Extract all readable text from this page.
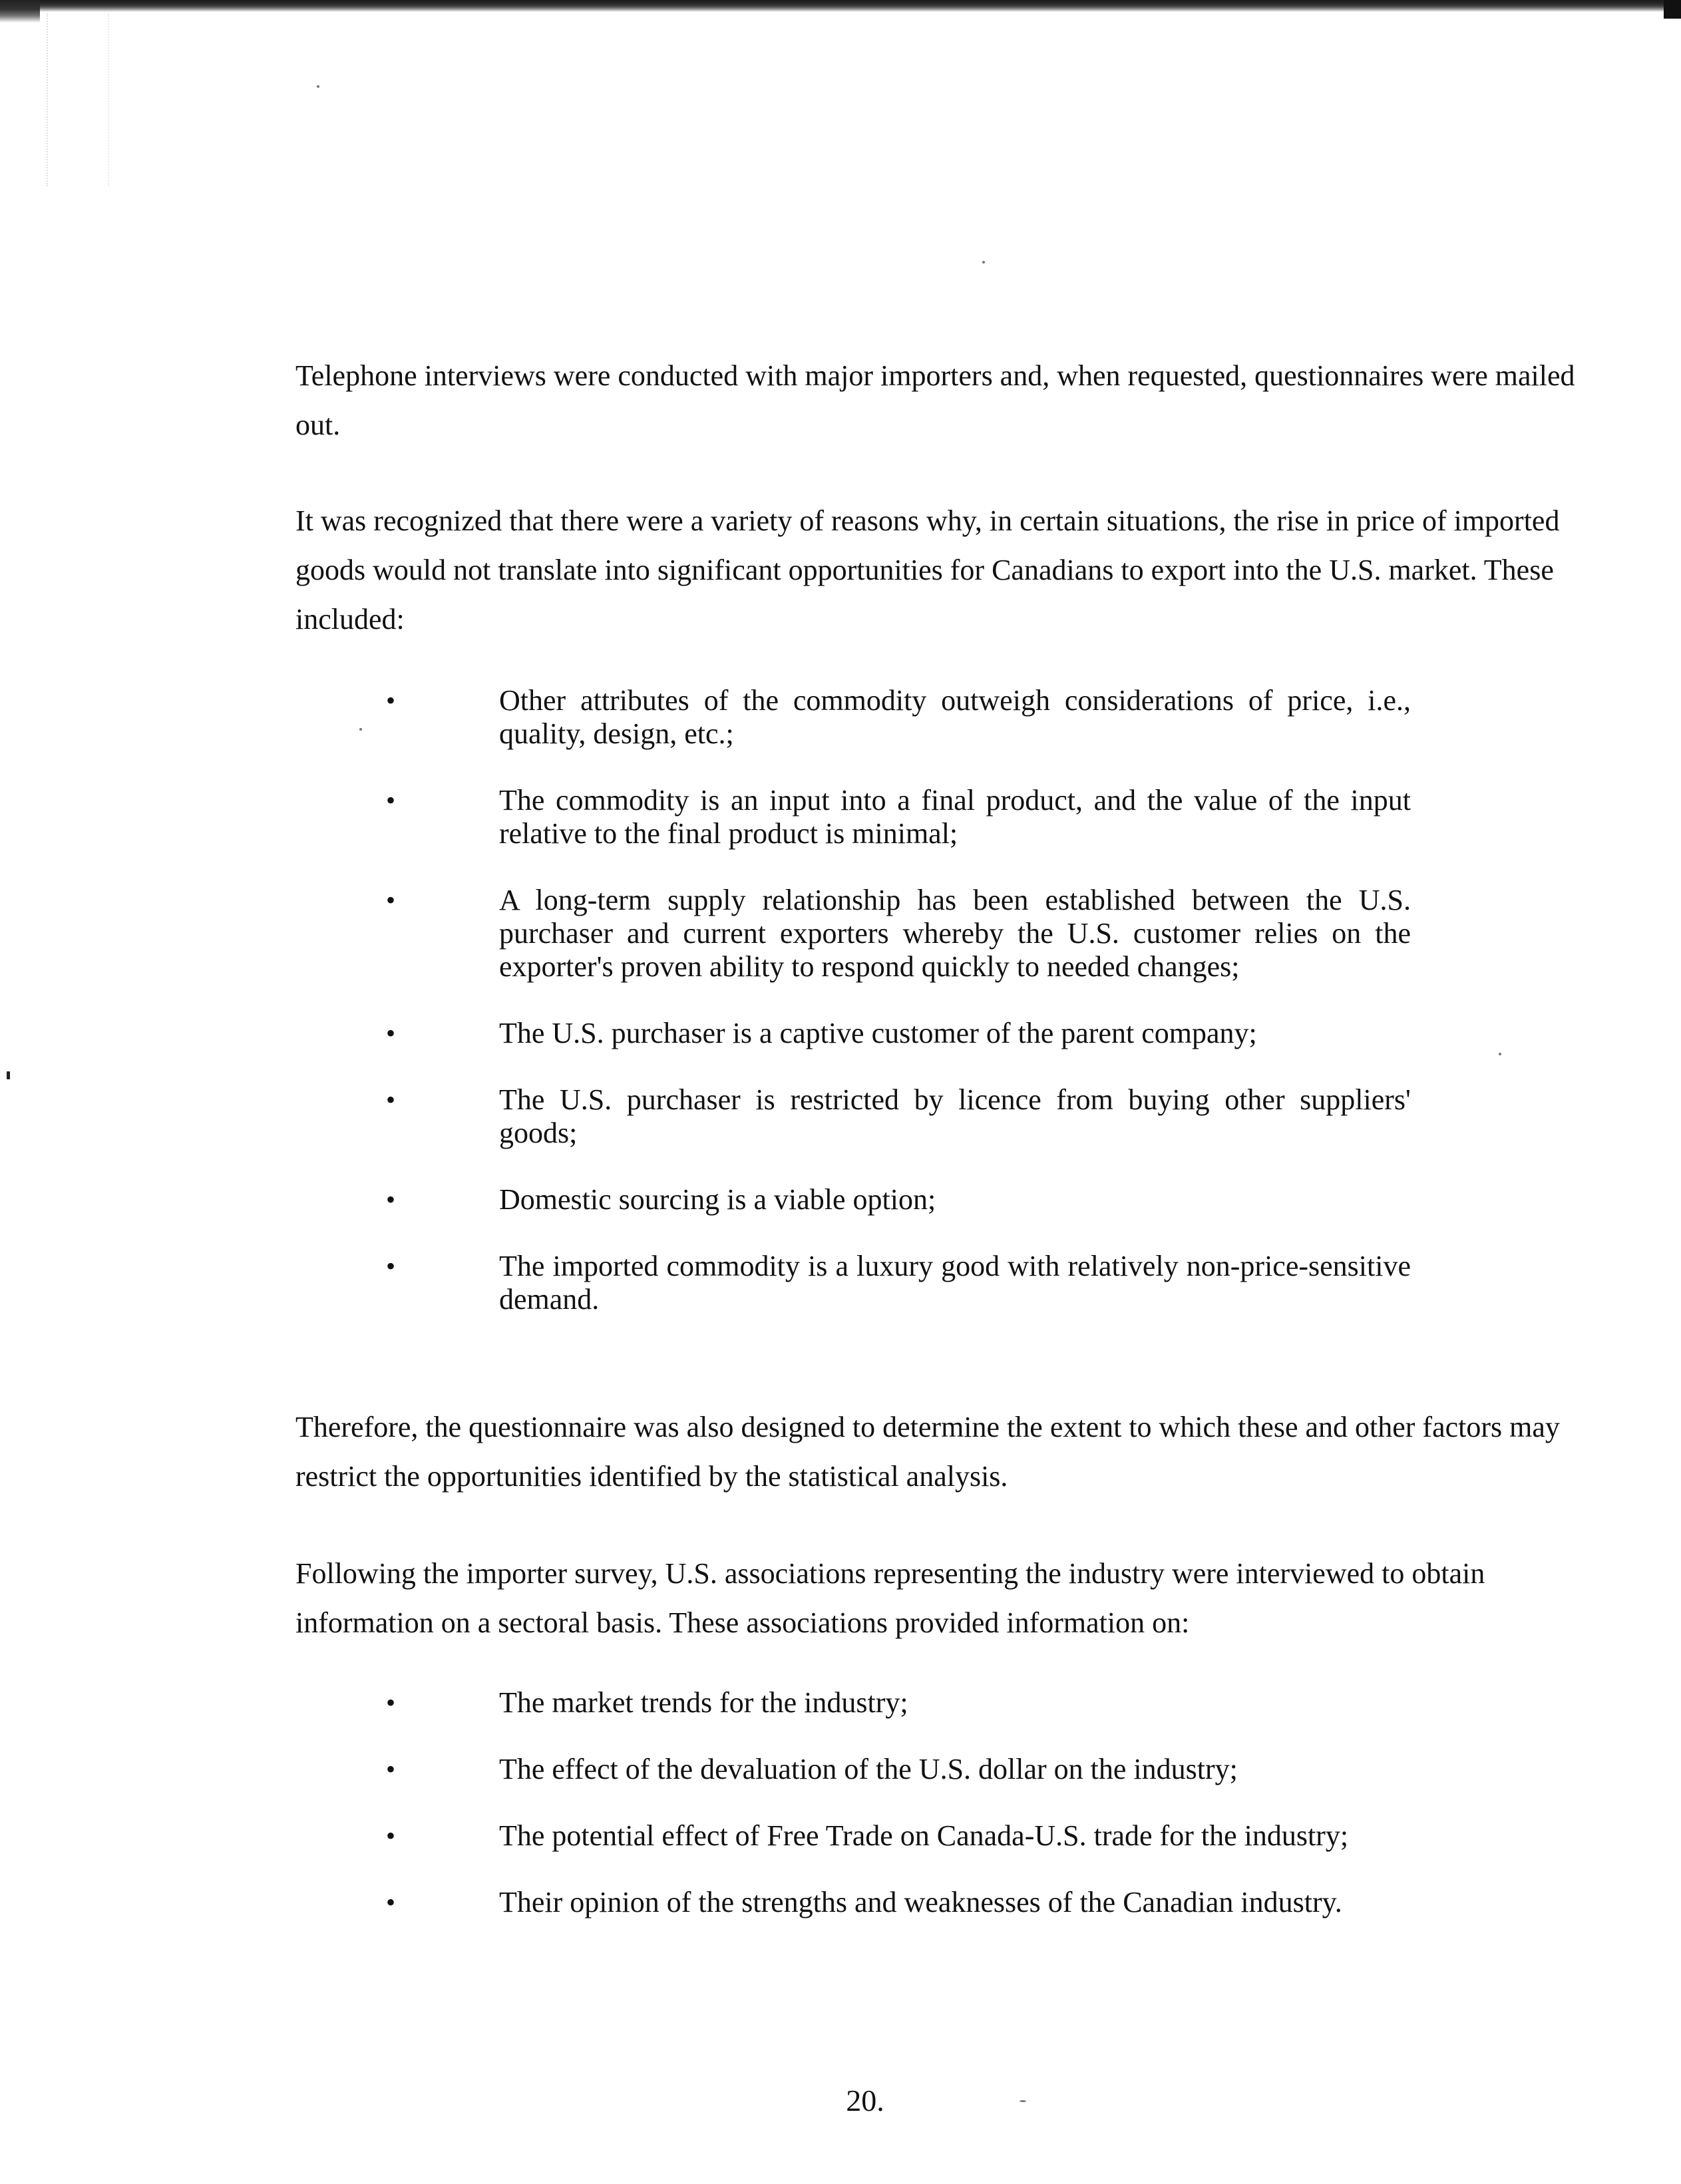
Telephone interviews were conducted with major importers and, when requested, questionnaires were mailed out.

It was recognized that there were a variety of reasons why, in certain situations, the rise in price of imported goods would not translate into significant opportunities for Canadians to export into the U.S. market. These included:

•	Other attributes of the commodity outweigh considerations of price, i.e., quality, design, etc.;
•	The commodity is an input into a final product, and the value of the input relative to the final product is minimal;
•	A long-term supply relationship has been established between the U.S. purchaser and current exporters whereby the U.S. customer relies on the exporter's proven ability to respond quickly to needed changes;
•	The U.S. purchaser is a captive customer of the parent company;
•	The U.S. purchaser is restricted by licence from buying other suppliers' goods;
•	Domestic sourcing is a viable option;
•	The imported commodity is a luxury good with relatively non-price-sensitive demand.

Therefore, the questionnaire was also designed to determine the extent to which these and other factors may restrict the opportunities identified by the statistical analysis.

Following the importer survey, U.S. associations representing the industry were interviewed to obtain information on a sectoral basis. These associations provided information on:

•	The market trends for the industry;
•	The effect of the devaluation of the U.S. dollar on the industry;
•	The potential effect of Free Trade on Canada-U.S. trade for the industry;
•	Their opinion of the strengths and weaknesses of the Canadian industry.
20.
